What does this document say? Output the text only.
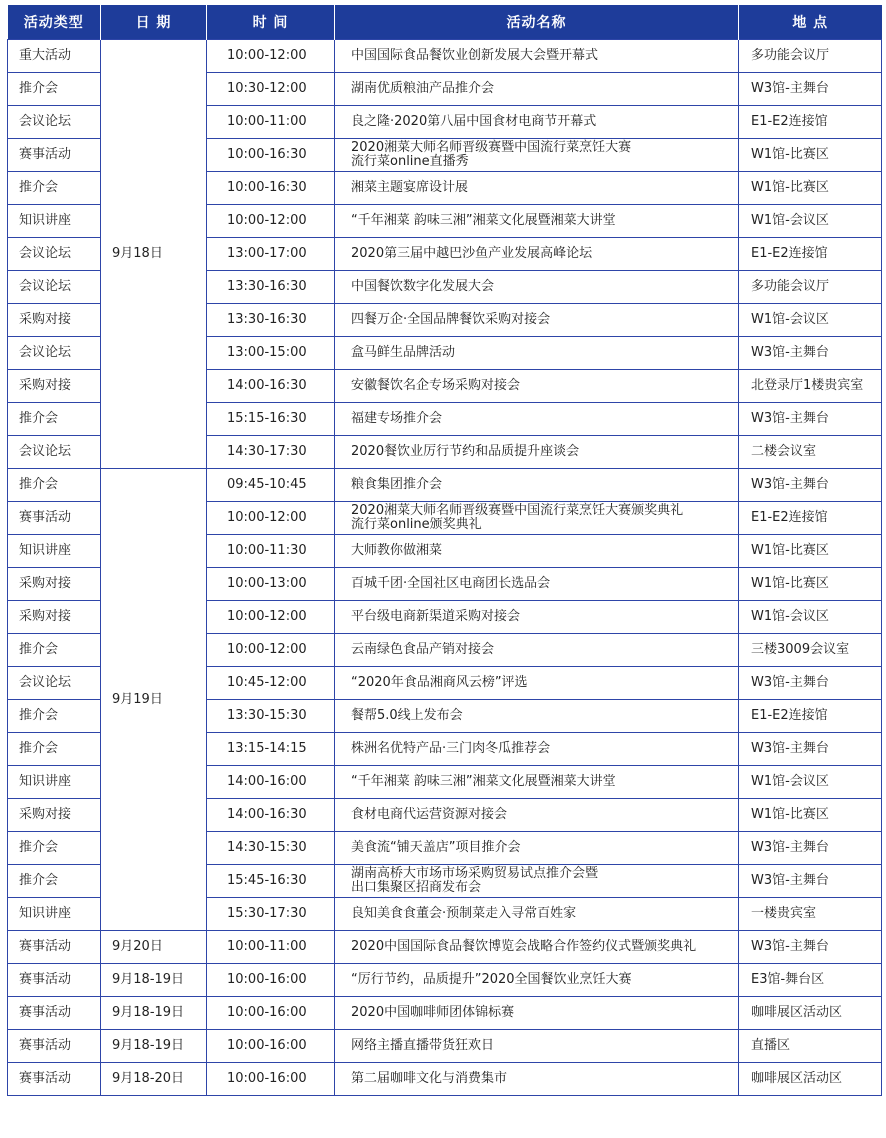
活动类型	日 期	时 间	活动名称	地 点
重大活动	9月18日	10:00-12:00	中国国际食品餐饮业创新发展大会暨开幕式	多功能会议厅
推介会		10:30-12:00	湖南优质粮油产品推介会	W3馆-主舞台
会议论坛		10:00-11:00	良之隆·2020第八届中国食材电商节开幕式	E1-E2连接馆
赛事活动		10:00-16:30	2020湘菜大师名师晋级赛暨中国流行菜烹饪大赛
流行菜online直播秀	W1馆-比赛区
推介会		10:00-16:30	湘菜主题宴席设计展	W1馆-比赛区
知识讲座		10:00-12:00	“千年湘菜 韵味三湘”湘菜文化展暨湘菜大讲堂	W1馆-会议区
会议论坛		13:00-17:00	2020第三届中越巴沙鱼产业发展高峰论坛	E1-E2连接馆
会议论坛		13:30-16:30	中国餐饮数字化发展大会	多功能会议厅
采购对接		13:30-16:30	四餐万企·全国品牌餐饮采购对接会	W1馆-会议区
会议论坛		13:00-15:00	盒马鲜生品牌活动	W3馆-主舞台
采购对接		14:00-16:30	安徽餐饮名企专场采购对接会	北登录厅1楼贵宾室
推介会		15:15-16:30	福建专场推介会	W3馆-主舞台
会议论坛		14:30-17:30	2020餐饮业厉行节约和品质提升座谈会	二楼会议室
推介会	9月19日	09:45-10:45	粮食集团推介会	W3馆-主舞台
赛事活动		10:00-12:00	2020湘菜大师名师晋级赛暨中国流行菜烹饪大赛颁奖典礼
流行菜online颁奖典礼	E1-E2连接馆
知识讲座		10:00-11:30	大师教你做湘菜	W1馆-比赛区
采购对接		10:00-13:00	百城千团·全国社区电商团长选品会	W1馆-比赛区
采购对接		10:00-12:00	平台级电商新渠道采购对接会	W1馆-会议区
推介会		10:00-12:00	云南绿色食品产销对接会	三楼3009会议室
会议论坛		10:45-12:00	“2020年食品湘商风云榜”评选	W3馆-主舞台
推介会		13:30-15:30	餐帮5.0线上发布会	E1-E2连接馆
推介会		13:15-14:15	株洲名优特产品·三门肉冬瓜推荐会	W3馆-主舞台
知识讲座		14:00-16:00	“千年湘菜 韵味三湘”湘菜文化展暨湘菜大讲堂	W1馆-会议区
采购对接		14:00-16:30	食材电商代运营资源对接会	W1馆-比赛区
推介会		14:30-15:30	美食流“铺天盖店”项目推介会	W3馆-主舞台
推介会		15:45-16:30	湖南高桥大市场市场采购贸易试点推介会暨
出口集聚区招商发布会	W3馆-主舞台
知识讲座		15:30-17:30	良知美食食董会·预制菜走入寻常百姓家	一楼贵宾室
赛事活动	9月20日	10:00-11:00	2020中国国际食品餐饮博览会战略合作签约仪式暨颁奖典礼	W3馆-主舞台
赛事活动	9月18-19日	10:00-16:00	“厉行节约，品质提升”2020全国餐饮业烹饪大赛	E3馆-舞台区
赛事活动	9月18-19日	10:00-16:00	2020中国咖啡师团体锦标赛	咖啡展区活动区
赛事活动	9月18-19日	10:00-16:00	网络主播直播带货狂欢日	直播区
赛事活动	9月18-20日	10:00-16:00	第二届咖啡文化与消费集市	咖啡展区活动区
